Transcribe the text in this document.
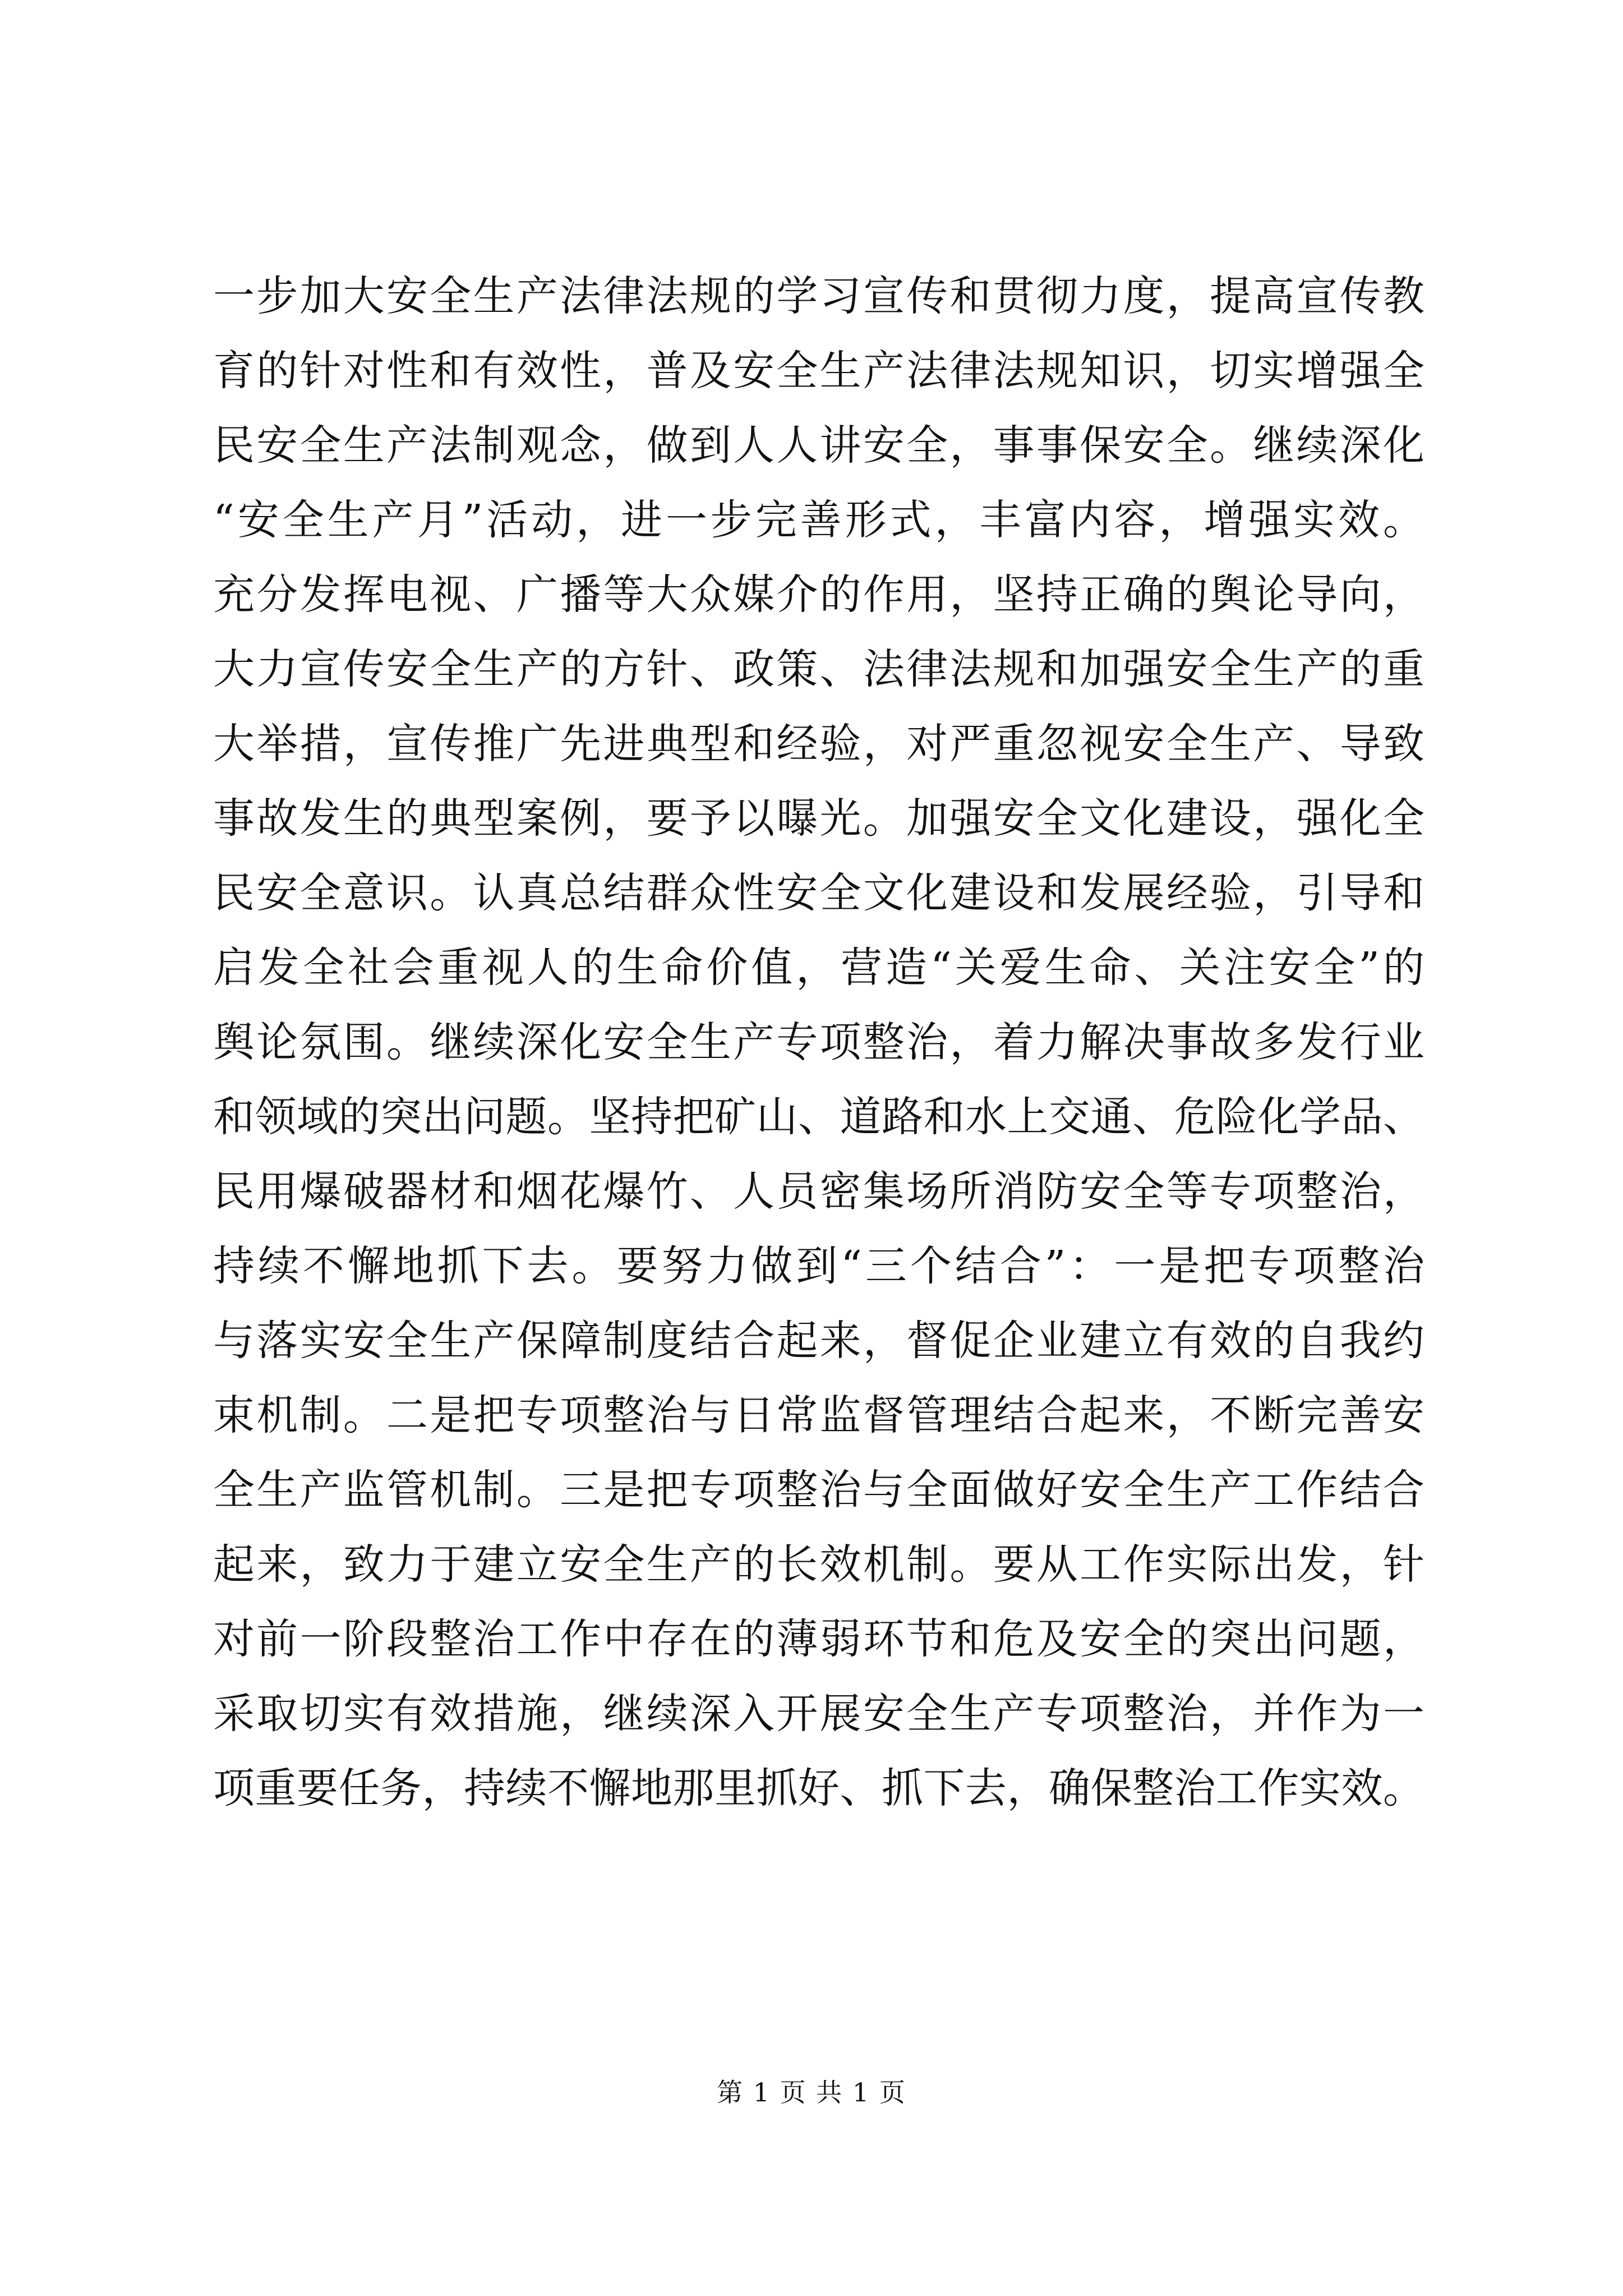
一步加大安全生产法律法规的学习宣传和贯彻力度，提高宣传教
育的针对性和有效性，普及安全生产法律法规知识，切实增强全
民安全生产法制观念，做到人人讲安全，事事保安全。继续深化
“安全生产月”活动，进一步完善形式，丰富内容，增强实效。
充分发挥电视、广播等大众媒介的作用，坚持正确的舆论导向，
大力宣传安全生产的方针、政策、法律法规和加强安全生产的重
大举措，宣传推广先进典型和经验，对严重忽视安全生产、导致
事故发生的典型案例，要予以曝光。加强安全文化建设，强化全
民安全意识。认真总结群众性安全文化建设和发展经验，引导和
启发全社会重视人的生命价值，营造“关爱生命、关注安全”的
舆论氛围。继续深化安全生产专项整治，着力解决事故多发行业
和领域的突出问题。坚持把矿山、道路和水上交通、危险化学品、
民用爆破器材和烟花爆竹、人员密集场所消防安全等专项整治，
持续不懈地抓下去。要努力做到“三个结合”：一是把专项整治
与落实安全生产保障制度结合起来，督促企业建立有效的自我约
束机制。二是把专项整治与日常监督管理结合起来，不断完善安
全生产监管机制。三是把专项整治与全面做好安全生产工作结合
起来，致力于建立安全生产的长效机制。要从工作实际出发，针
对前一阶段整治工作中存在的薄弱环节和危及安全的突出问题，
采取切实有效措施，继续深入开展安全生产专项整治，并作为一
项重要任务，持续不懈地那里抓好、抓下去，确保整治工作实效。
第 1 页 共 1 页
